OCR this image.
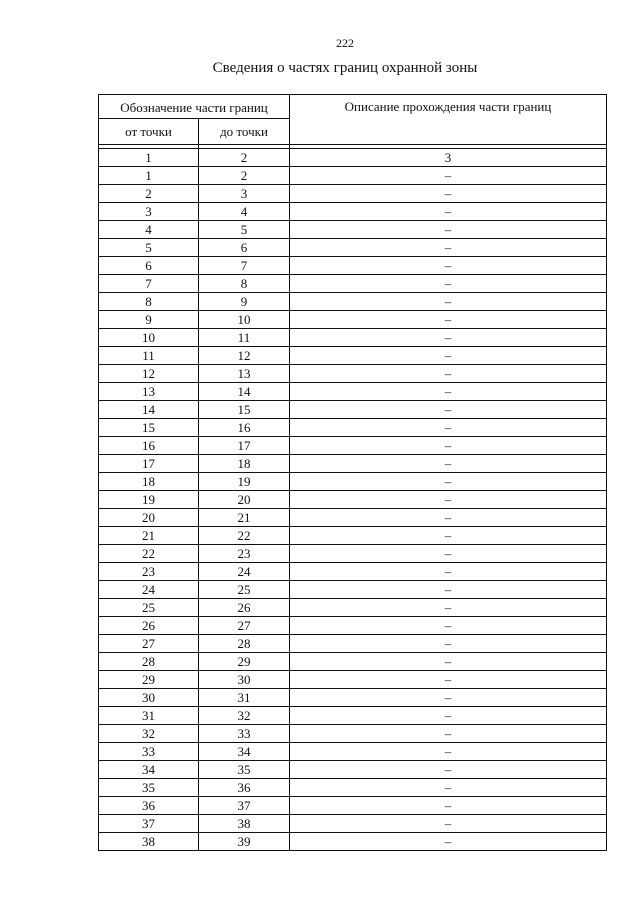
222
Сведения о частях границ охранной зоны
Обозначение части границ		Описание прохождения части границ
от точки	до точки	

1	2	3
1	2	–
2	3	–
3	4	–
4	5	–
5	6	–
6	7	–
7	8	–
8	9	–
9	10	–
10	11	–
11	12	–
12	13	–
13	14	–
14	15	–
15	16	–
16	17	–
17	18	–
18	19	–
19	20	–
20	21	–
21	22	–
22	23	–
23	24	–
24	25	–
25	26	–
26	27	–
27	28	–
28	29	–
29	30	–
30	31	–
31	32	–
32	33	–
33	34	–
34	35	–
35	36	–
36	37	–
37	38	–
38	39	–
